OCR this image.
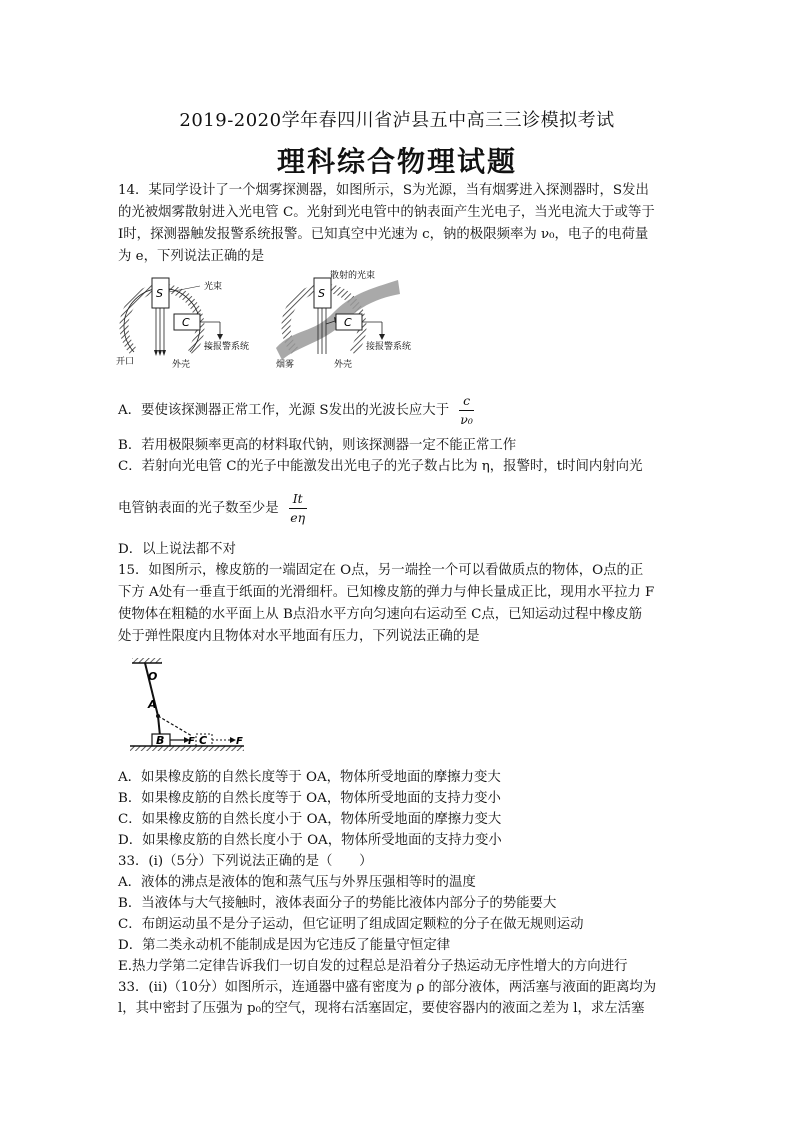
2019-2020学年春四川省泸县五中高三三诊模拟考试
理科综合物理试题
14．某同学设计了一个烟雾探测器，如图所示，S为光源，当有烟雾进入探测器时，S发出
的光被烟雾散射进入光电管 C。光射到光电管中的钠表面产生光电子，当光电流大于或等于
I时，探测器触发报警系统报警。已知真空中光速为 c，钠的极限频率为 ν₀，电子的电荷量
为 e，下列说法正确的是
S
C
光束
接报警系统
开口	外壳
S
C
散射的光束
接报警系统
烟雾	外壳
A．要使该探测器正常工作，光源 S发出的光波长应大于 $\frac{c}{\text{ν₀}}$
B．若用极限频率更高的材料取代钠，则该探测器一定不能正常工作
C．若射向光电管 C的光子中能激发出光电子的光子数占比为 η，报警时，t时间内射向光
电管钠表面的光子数至少是 $\frac{It}{e\eta}$
D．以上说法都不对
15．如图所示，橡皮筋的一端固定在 O点，另一端拴一个可以看做质点的物体，O点的正
下方 A处有一垂直于纸面的光滑细杆。已知橡皮筋的弹力与伸长量成正比，现用水平拉力 F
使物体在粗糙的水平面上从 B点沿水平方向匀速向右运动至 C点，已知运动过程中橡皮筋
处于弹性限度内且物体对水平地面有压力，下列说法正确的是
O
A
B F C	F
A．如果橡皮筋的自然长度等于 OA，物体所受地面的摩擦力变大
B．如果橡皮筋的自然长度等于 OA，物体所受地面的支持力变小
C．如果橡皮筋的自然长度小于 OA，物体所受地面的摩擦力变大
D．如果橡皮筋的自然长度小于 OA，物体所受地面的支持力变小
33．(i)（5分）下列说法正确的是（　　）
A．液体的沸点是液体的饱和蒸气压与外界压强相等时的温度
B．当液体与大气接触时，液体表面分子的势能比液体内部分子的势能要大
C．布朗运动虽不是分子运动，但它证明了组成固定颗粒的分子在做无规则运动
D．第二类永动机不能制成是因为它违反了能量守恒定律
E.热力学第二定律告诉我们一切自发的过程总是沿着分子热运动无序性增大的方向进行
33．(ii)（10分）如图所示，连通器中盛有密度为 ρ 的部分液体，两活塞与液面的距离均为
l，其中密封了压强为 p₀的空气，现将右活塞固定，要使容器内的液面之差为 l，求左活塞
